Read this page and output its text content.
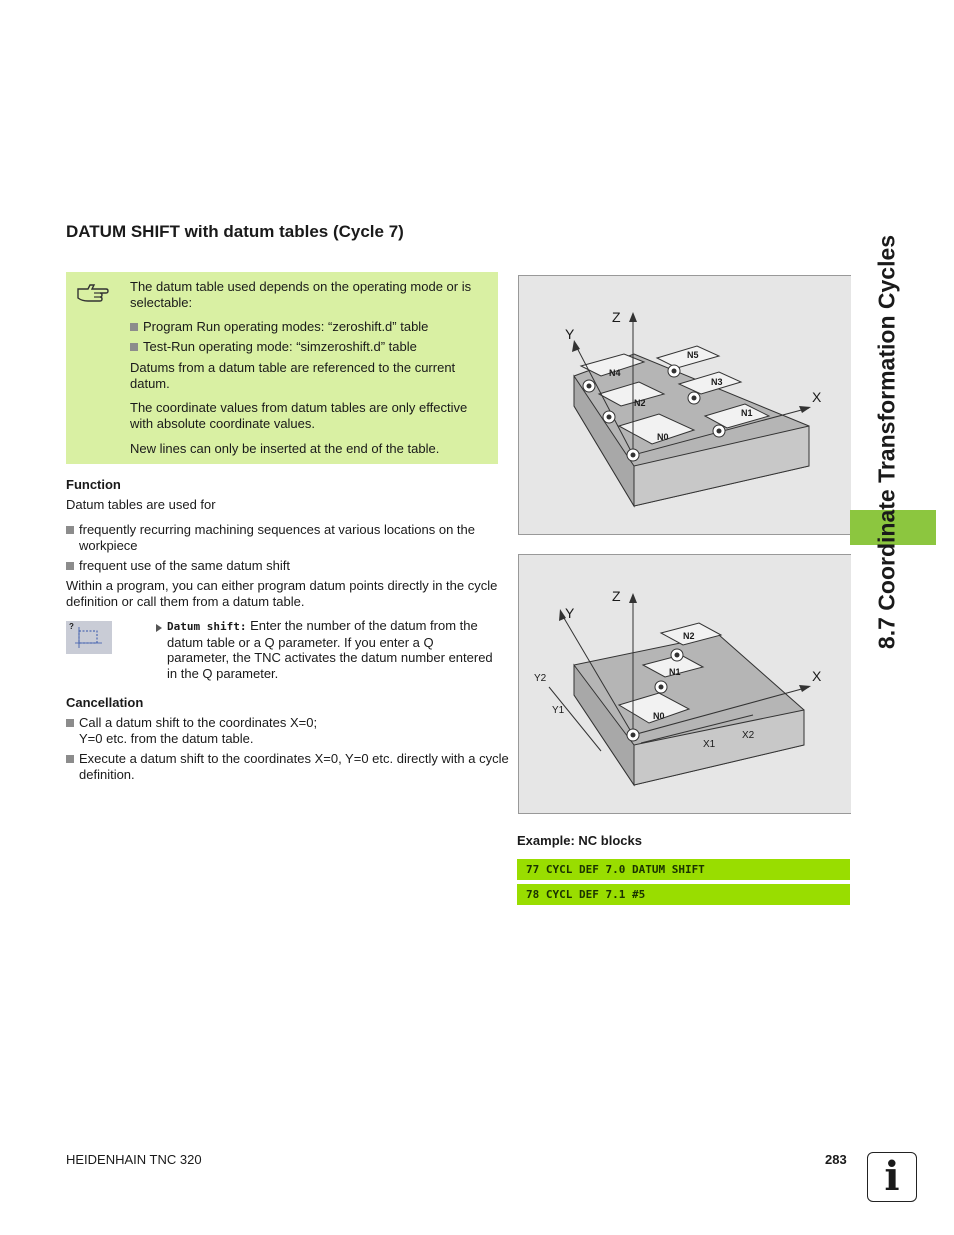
DATUM SHIFT with datum tables (Cycle 7)
The datum table used depends on the operating mode or is selectable:
Program Run operating modes: “zeroshift.d” table
Test-Run operating mode: “simzeroshift.d” table
Datums from a datum table are referenced to the current datum.
The coordinate values from datum tables are only effective with absolute coordinate values.
New lines can only be inserted at the end of the table.
Function
Datum tables are used for
frequently recurring machining sequences at various locations on the workpiece
frequent use of the same datum shift
Within a program, you can either program datum points directly in the cycle definition or call them from a datum table.
?	Datum shift: Enter the number of the datum from the datum table or a Q parameter. If you enter a Q parameter, the TNC activates the datum number entered in the Q parameter.
Cancellation
Call a datum shift to the coordinates X=0; Y=0 etc. from the datum table.
Execute a datum shift to the coordinates X=0, Y=0 etc. directly with a cycle definition.
Z
Y
X
N0
N1
N2
N3
N4
N5
Z
Y
X
N0
N1
N2
X1
X2
Y1
Y2
Example: NC blocks
77 CYCL DEF 7.0 DATUM SHIFT
78 CYCL DEF 7.1 #5
8.7 Coordinate Transformation Cycles
HEIDENHAIN TNC 320	283 i
